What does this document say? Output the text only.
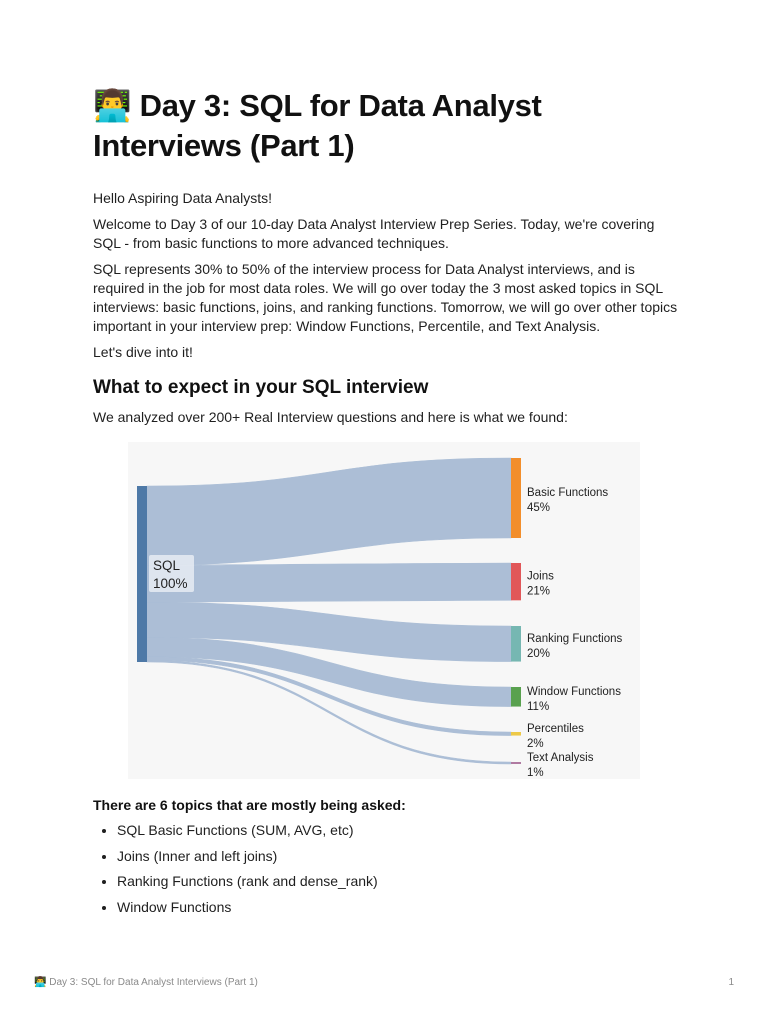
👨‍💻 Day 3: SQL for Data Analyst Interviews (Part 1)

Hello Aspiring Data Analysts!

Welcome to Day 3 of our 10-day Data Analyst Interview Prep Series. Today, we're covering SQL - from basic functions to more advanced techniques.

SQL represents 30% to 50% of the interview process for Data Analyst interviews, and is required in the job for most data roles. We will go over today the 3 most asked topics in SQL interviews: basic functions, joins, and ranking functions. Tomorrow, we will go over other topics important in your interview prep: Window Functions, Percentile, and Text Analysis.

Let's dive into it!

What to expect in your SQL interview

We analyzed over 200+ Real Interview questions and here is what we found:

Basic Functions
45%
Joins
21%
Ranking Functions
20%
Window Functions
11%
Percentiles
2%
Text Analysis
1%
SQL
100%
There are 6 topics that are mostly being asked:
• SQL Basic Functions (SUM, AVG, etc)
• Joins (Inner and left joins)
• Ranking Functions (rank and dense_rank)
• Window Functions
👨‍💻 Day 3: SQL for Data Analyst Interviews (Part 1)	1
